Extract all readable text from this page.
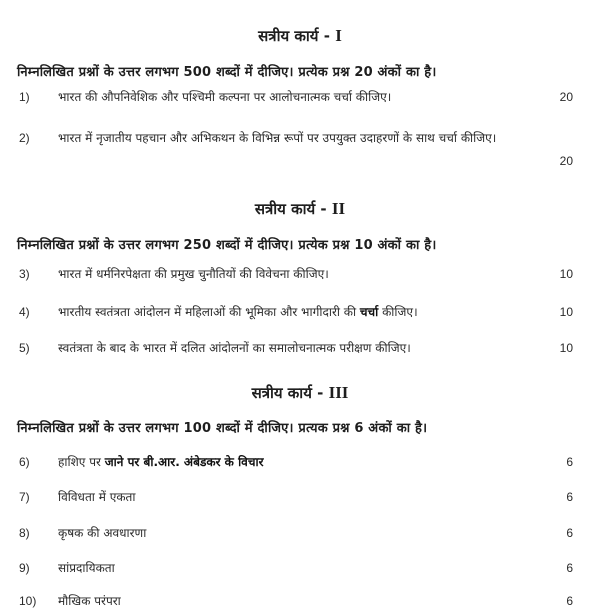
सत्रीय कार्य - I
निम्नलिखित प्रश्नों के उत्तर लगभग 500 शब्दों में दीजिए। प्रत्येक प्रश्न 20 अंकों का है।
1) भारत की औपनिवेशिक और पश्चिमी कल्पना पर आलोचनात्मक चर्चा कीजिए।	20
2) भारत में नृजातीय पहचान और अभिकथन के विभिन्न रूपों पर उपयुक्त उदाहरणों के साथ चर्चा कीजिए।
20
सत्रीय कार्य - II
निम्नलिखित प्रश्नों के उत्तर लगभग 250 शब्दों में दीजिए। प्रत्येक प्रश्न 10 अंकों का है।
3) भारत में धर्मनिरपेक्षता की प्रमुख चुनौतियों की विवेचना कीजिए।	10
4) भारतीय स्वतंत्रता आंदोलन में महिलाओं की भूमिका और भागीदारी की चर्चा कीजिए।	10
5) स्वतंत्रता के बाद के भारत में दलित आंदोलनों का समालोचनात्मक परीक्षण कीजिए।	10
सत्रीय कार्य - III
निम्नलिखित प्रश्नों के उत्तर लगभग 100 शब्दों में दीजिए। प्रत्यक प्रश्न 6 अंकों का है।
6) हाशिए पर जाने पर बी.आर. अंबेडकर के विचार	6
7) विविधता में एकता	6
8) कृषक की अवधारणा	6
9) सांप्रदायिकता	6
10) मौखिक परंपरा	6
